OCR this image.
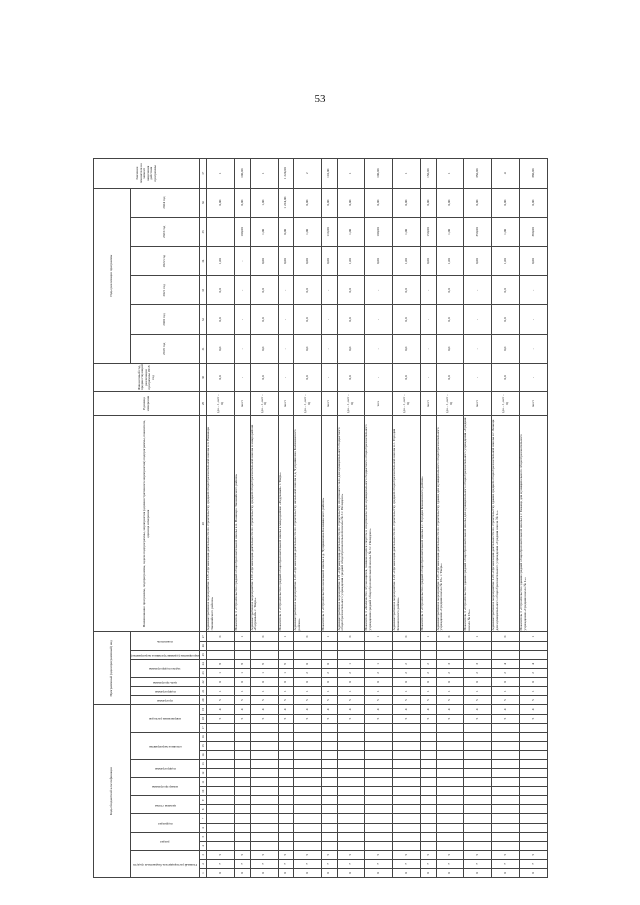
53
Коды бюджетной классификации																			Программный (однопрограммный) код								Наименование программы, подпрограммы, задачи подпрограммы, мероприятия (административного мероприятия) подпрограммы, показателя, единица измерения	Единица измерения	Финансовый год, предшествующий реализации программы 2018 год	Годы реализации программы						Значение показателя на момент окончания действия программы

Главный распорядитель бюджетных средств			раздел		подраздел		целевая статья		номер программы		подпрограмма		основное мероприятие			направление расходов			программа	подпрограмма	цель программы	задача подпрограммы		мероприятие (административное мероприятие)	показатель					2019 год	2020 год	2021 год	2022 год	2023 год	2024 год	
1	2	3	4	5	6	7	8	9	10	11	12	13	14	15	16	17	18	19	20	21	22	23	24	25	26	27	28	29	30	31	32	33	34	35	36	37
0	7	5															5	4	5	1	0	1	8			0	Административное мероприятие 1.18 «Организация деятельности по строительству средней общеобразовательной школы в п. Ванавара Эвенкийского района»	(да – 1, нет – 0)	0,0	0,0	0,0	0,0	1,00		0,00	1
0	7	5															5	4	5	1	0	1	8			1	Показатель 1 «Строительство средней общеобразовательной школы в п. Ванавара Эвенкийского района»	мест	-	-	-	-	-	100,00	0,00	100,00
0	7	5															5	4	5	1	0	1	9			0	Административное мероприятие 1.19 «Организация деятельности по строительству средней общеобразовательной школы в микрорайоне «Радужный» г. Тверь»	(да – 1, нет – 0)	0,0	0,0	0,0	0,0	0,00	1,00	1,00	1
0	7	5															5	4	5	1	0	1	9			1	Показатель 1 «Строительство средней общеобразовательной школы в микрорайоне «Радужный» г. Тверь»	мест	-	-	-	-	0,00	0,00	1 224,00	1 224,00
0	7	5															5	4	5	1	0	2	0			0	Административное мероприятие 1.20 «Организация деятельности по строительству начальной школы в д. Чуприяновка Калининского района»	(да – 1, нет – 0)	0,0	0,0	0,0	0,0	0,00	1,00	0,00	2
0	7	5															5	4	5	1	0	2	0			1	Показатель 1 «Строительство начальной школы в д. Чуприяновка Калининского района»	мест	-	-	-	-	0,00	110,00	0,00	110,00
0	7	5															5	4	5	1	0	2	1			0	Административное мероприятие 1.21 «Организация деятельности по строительству спортивного зала для муниципального бюджетного общеобразовательного учреждения средней общеобразовательной школы № 3 г. Нелидово»	(да – 1, нет – 0)	0,0	0,0	0,0	0,0	1,00	1,00	0,00	1
0	7	5															5	4	5	1	0	2	1			1	Показатель 1 «Количество обучающихся, занимающихся спортом в спортивном зале муниципального бюджетного общеобразовательного учреждения средней общеобразовательной школы № 3 г. Нелидово»	чел.	-	-	-	-	0,00	100,00	0,00	100,00
0	7	5															5	4	5	1	0	2	2			0	Административное мероприятие 1.22 «Организация деятельности по строительству средней общеобразовательной школы в с. Городня Конаковского района»	(да – 1, нет – 0)	0,0	0,0	0,0	0,0	1,00	1,00	0,00	1
0	7	5															5	4	5	1	0	2	2			1	Показатель 1 «Строительство средней общеобразовательной школы в с. Городня Конаковского района»	мест	-	-	-	-	0,00	150,00	0,00	150,00
0	7	5															5	4	5	1	0	2	3			0	Административное мероприятие 1.23 «Организация деятельности по строительству здания для муниципального общеобразовательного учреждения «Средняя школа № 16» г. Тверь»	(да – 1, нет – 0)	0,0	0,0	0,0	0,0	1,00	1,00	0,00	1
0	7	5															5	4	5	1	0	2	3			1	Показатель 1 «Строительство здания средней общеобразовательной школы для муниципального общеобразовательного учреждения «Средняя школа № 16»»	мест	-	-	-	-	0,00	350,00	0,00	350,00
0	7	5															5	4	5	1	0	2	4			0	Административное мероприятие 1.24 «Организация деятельности по строительству здания средней общеобразовательной школы в г. Бежецк для муниципального общеобразовательного учреждения «Средняя школа № 1»»	(да – 1, нет – 0)	0,0	0,0	0,0	0,0	1,00	1,00	0,00	4
0	7	5															5	4	5	1	0	2	4			1	Показатель 1 «Строительство здания средней общеобразовательной школы в г. Бежецк для муниципального общеобразовательного учреждения «Средняя школа № 1»»	мест	-	-	-	-	0,00	360,00	0,00	360,00
